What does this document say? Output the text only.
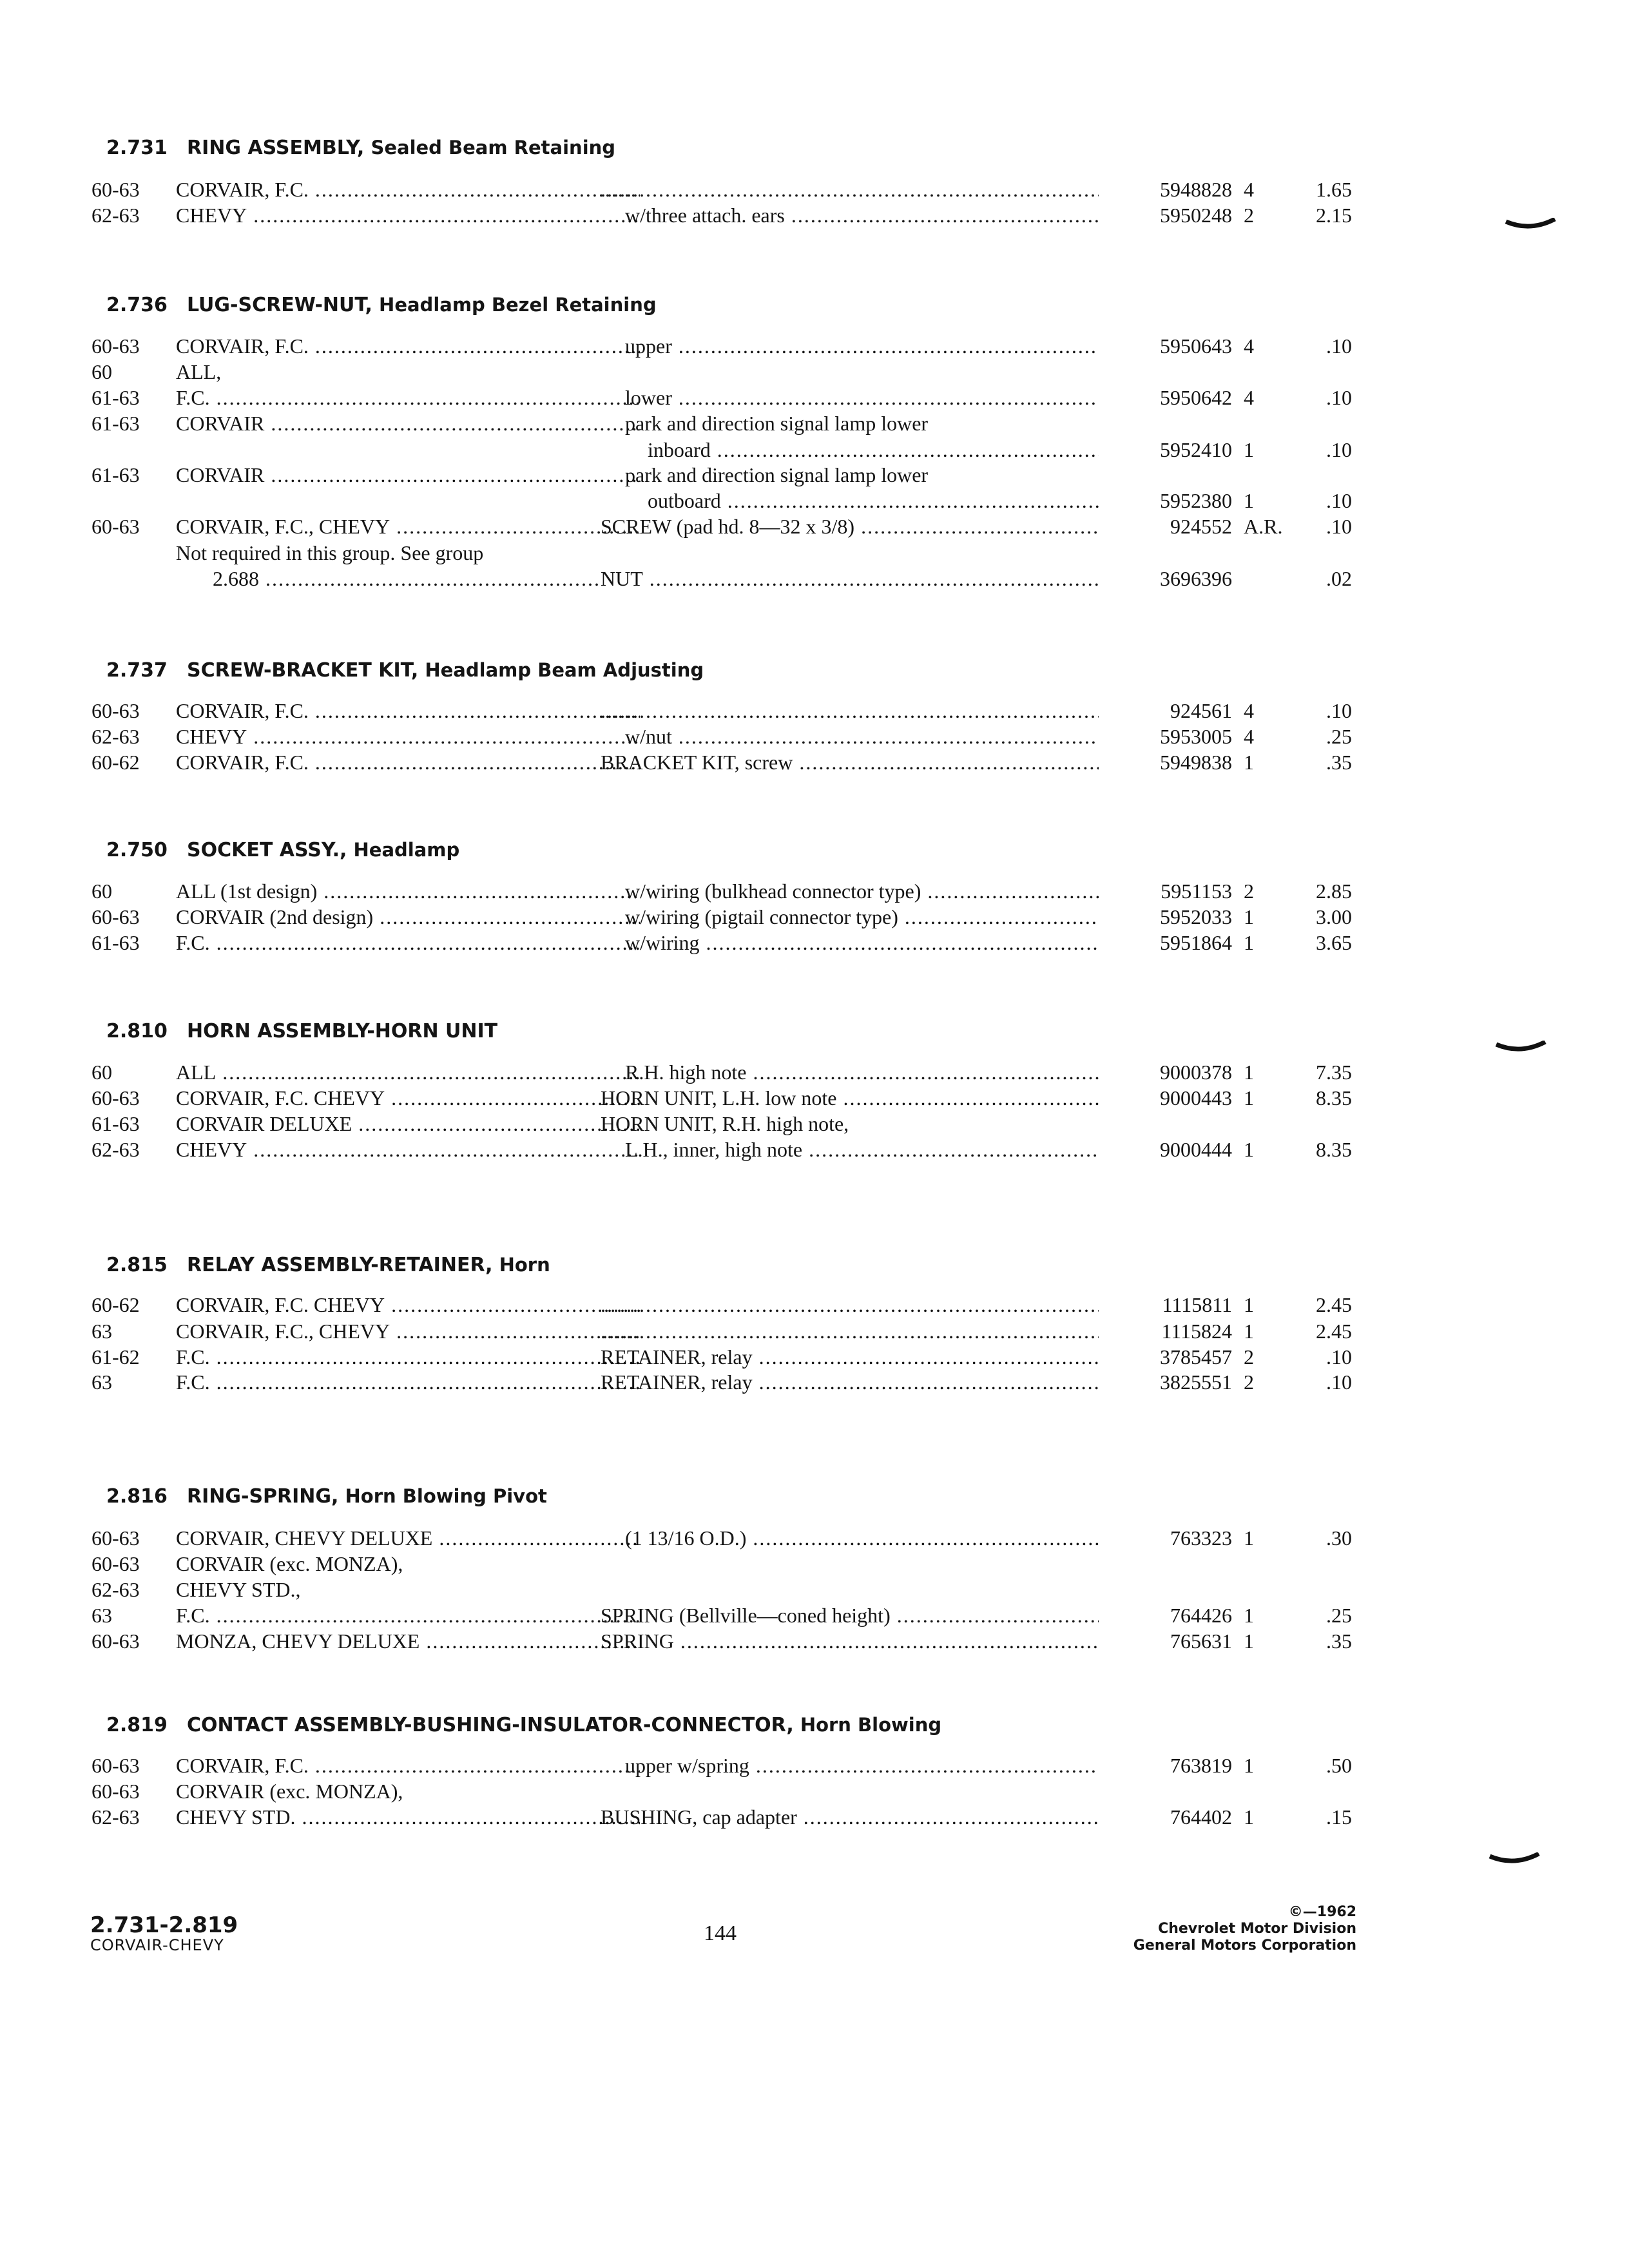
2.731-2.819
CORVAIR-CHEVY	144
©—1962
Chevrolet Motor Division
General Motors Corporation
2.731 RING ASSEMBLY, Sealed Beam Retaining
60-63 CORVAIR, F.C. ..... .....	5948828 4	1.65
62-63 CHEVY .....	w/three attach. ears .....	5950248 2	2.15
2.736 LUG-SCREW-NUT, Headlamp Bezel Retaining
60-63 CORVAIR, F.C. .....	upper .....	5950643 4	.10
60	ALL,
61-63 F.C. .....	lower .....	5950642 4	.10
61-63 CORVAIR .....	park and direction signal lamp lower
inboard .....	5952410 1	.10
61-63 CORVAIR .....	park and direction signal lamp lower
outboard .....	5952380 1	.10
60-63 CORVAIR, F.C., CHEVY .....	SCREW (pad hd. 8—32 x 3/8) .....	924552 A.R.	.10
Not required in this group. See group
2.688 .....	NUT .....	3696396	.02
2.737 SCREW-BRACKET KIT, Headlamp Beam Adjusting
60-63 CORVAIR, F.C. ..... .....	924561 4	.10
62-63 CHEVY .....	w/nut .....	5953005 4	.25
60-62 CORVAIR, F.C. .....	BRACKET KIT, screw .....	5949838 1	.35
2.750 SOCKET ASSY., Headlamp
60	ALL (1st design) .....	w/wiring (bulkhead connector type) .....	5951153 2	2.85
60-63 CORVAIR (2nd design) .....	w/wiring (pigtail connector type) .....	5952033 1	3.00
61-63 F.C. .....	w/wiring .....	5951864 1	3.65
2.810 HORN ASSEMBLY-HORN UNIT
60	ALL .....	R.H. high note .....	9000378 1	7.35
60-63 CORVAIR, F.C. CHEVY .....	HORN UNIT, L.H. low note .....	9000443 1	8.35
61-63 CORVAIR DELUXE .....	HORN UNIT, R.H. high note,
62-63 CHEVY .....	L.H., inner, high note .....	9000444 1	8.35
2.815 RELAY ASSEMBLY-RETAINER, Horn
60-62 CORVAIR, F.C. CHEVY ..... .....	1115811 1	2.45
63	CORVAIR, F.C., CHEVY ..... .....	1115824 1	2.45
61-62 F.C. .....	RETAINER, relay .....	3785457 2	.10
63	F.C. .....	RETAINER, relay .....	3825551 2	.10
2.816 RING-SPRING, Horn Blowing Pivot
60-63 CORVAIR, CHEVY DELUXE .....	(1 13/16 O.D.) .....	763323 1	.30
60-63 CORVAIR (exc. MONZA),
62-63 CHEVY STD.,
63	F.C. .....	SPRING (Bellville—coned height) .....	764426 1	.25
60-63 MONZA, CHEVY DELUXE .....	SPRING .....	765631 1	.35
2.819 CONTACT ASSEMBLY-BUSHING-INSULATOR-CONNECTOR, Horn Blowing
60-63 CORVAIR, F.C. .....	upper w/spring .....	763819 1	.50
60-63 CORVAIR (exc. MONZA),
62-63 CHEVY STD. .....	BUSHING, cap adapter .....	764402 1	.15
